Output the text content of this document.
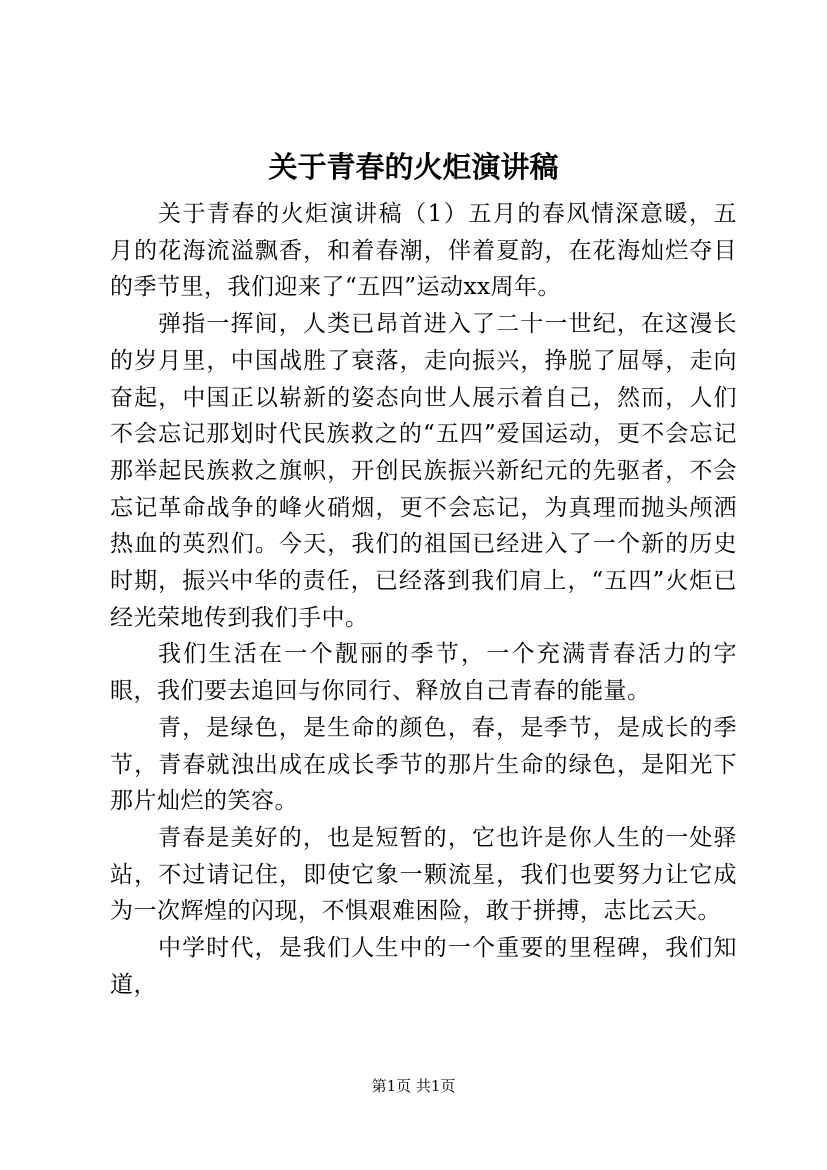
关于青春的火炬演讲稿

关于青春的火炬演讲稿（1）五月的春风情深意暖，五月的花海流溢飘香，和着春潮，伴着夏韵，在花海灿烂夺目的季节里，我们迎来了“五四”运动xx周年。

弹指一挥间，人类已昂首进入了二十一世纪，在这漫长的岁月里，中国战胜了衰落，走向振兴，挣脱了屈辱，走向奋起，中国正以崭新的姿态向世人展示着自己，然而，人们不会忘记那划时代民族救之的“五四”爱国运动，更不会忘记那举起民族救之旗帜，开创民族振兴新纪元的先驱者，不会忘记革命战争的峰火硝烟，更不会忘记，为真理而抛头颅洒热血的英烈们。今天，我们的祖国已经进入了一个新的历史时期，振兴中华的责任，已经落到我们肩上，“五四”火炬已经光荣地传到我们手中。

我们生活在一个靓丽的季节，一个充满青春活力的字眼，我们要去追回与你同行、释放自己青春的能量。

青，是绿色，是生命的颜色，春，是季节，是成长的季节，青春就浊出成在成长季节的那片生命的绿色，是阳光下那片灿烂的笑容。

青春是美好的，也是短暂的，它也许是你人生的一处驿站，不过请记住，即使它象一颗流星，我们也要努力让它成为一次辉煌的闪现，不惧艰难困险，敢于拼搏，志比云天。

中学时代，是我们人生中的一个重要的里程碑，我们知道，

第1页 共1页
